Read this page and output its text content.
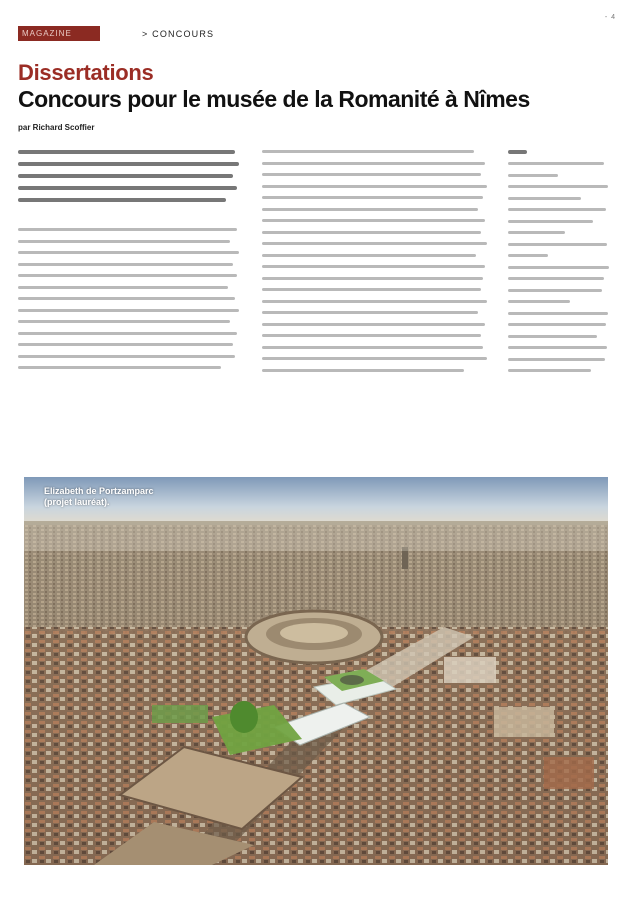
- 4
MAGAZINE	> CONCOURS
Dissertations
Concours pour le musée de la Romanité à Nîmes
par Richard Scoffier
Elizabeth de Portzamparc
(projet lauréat).
